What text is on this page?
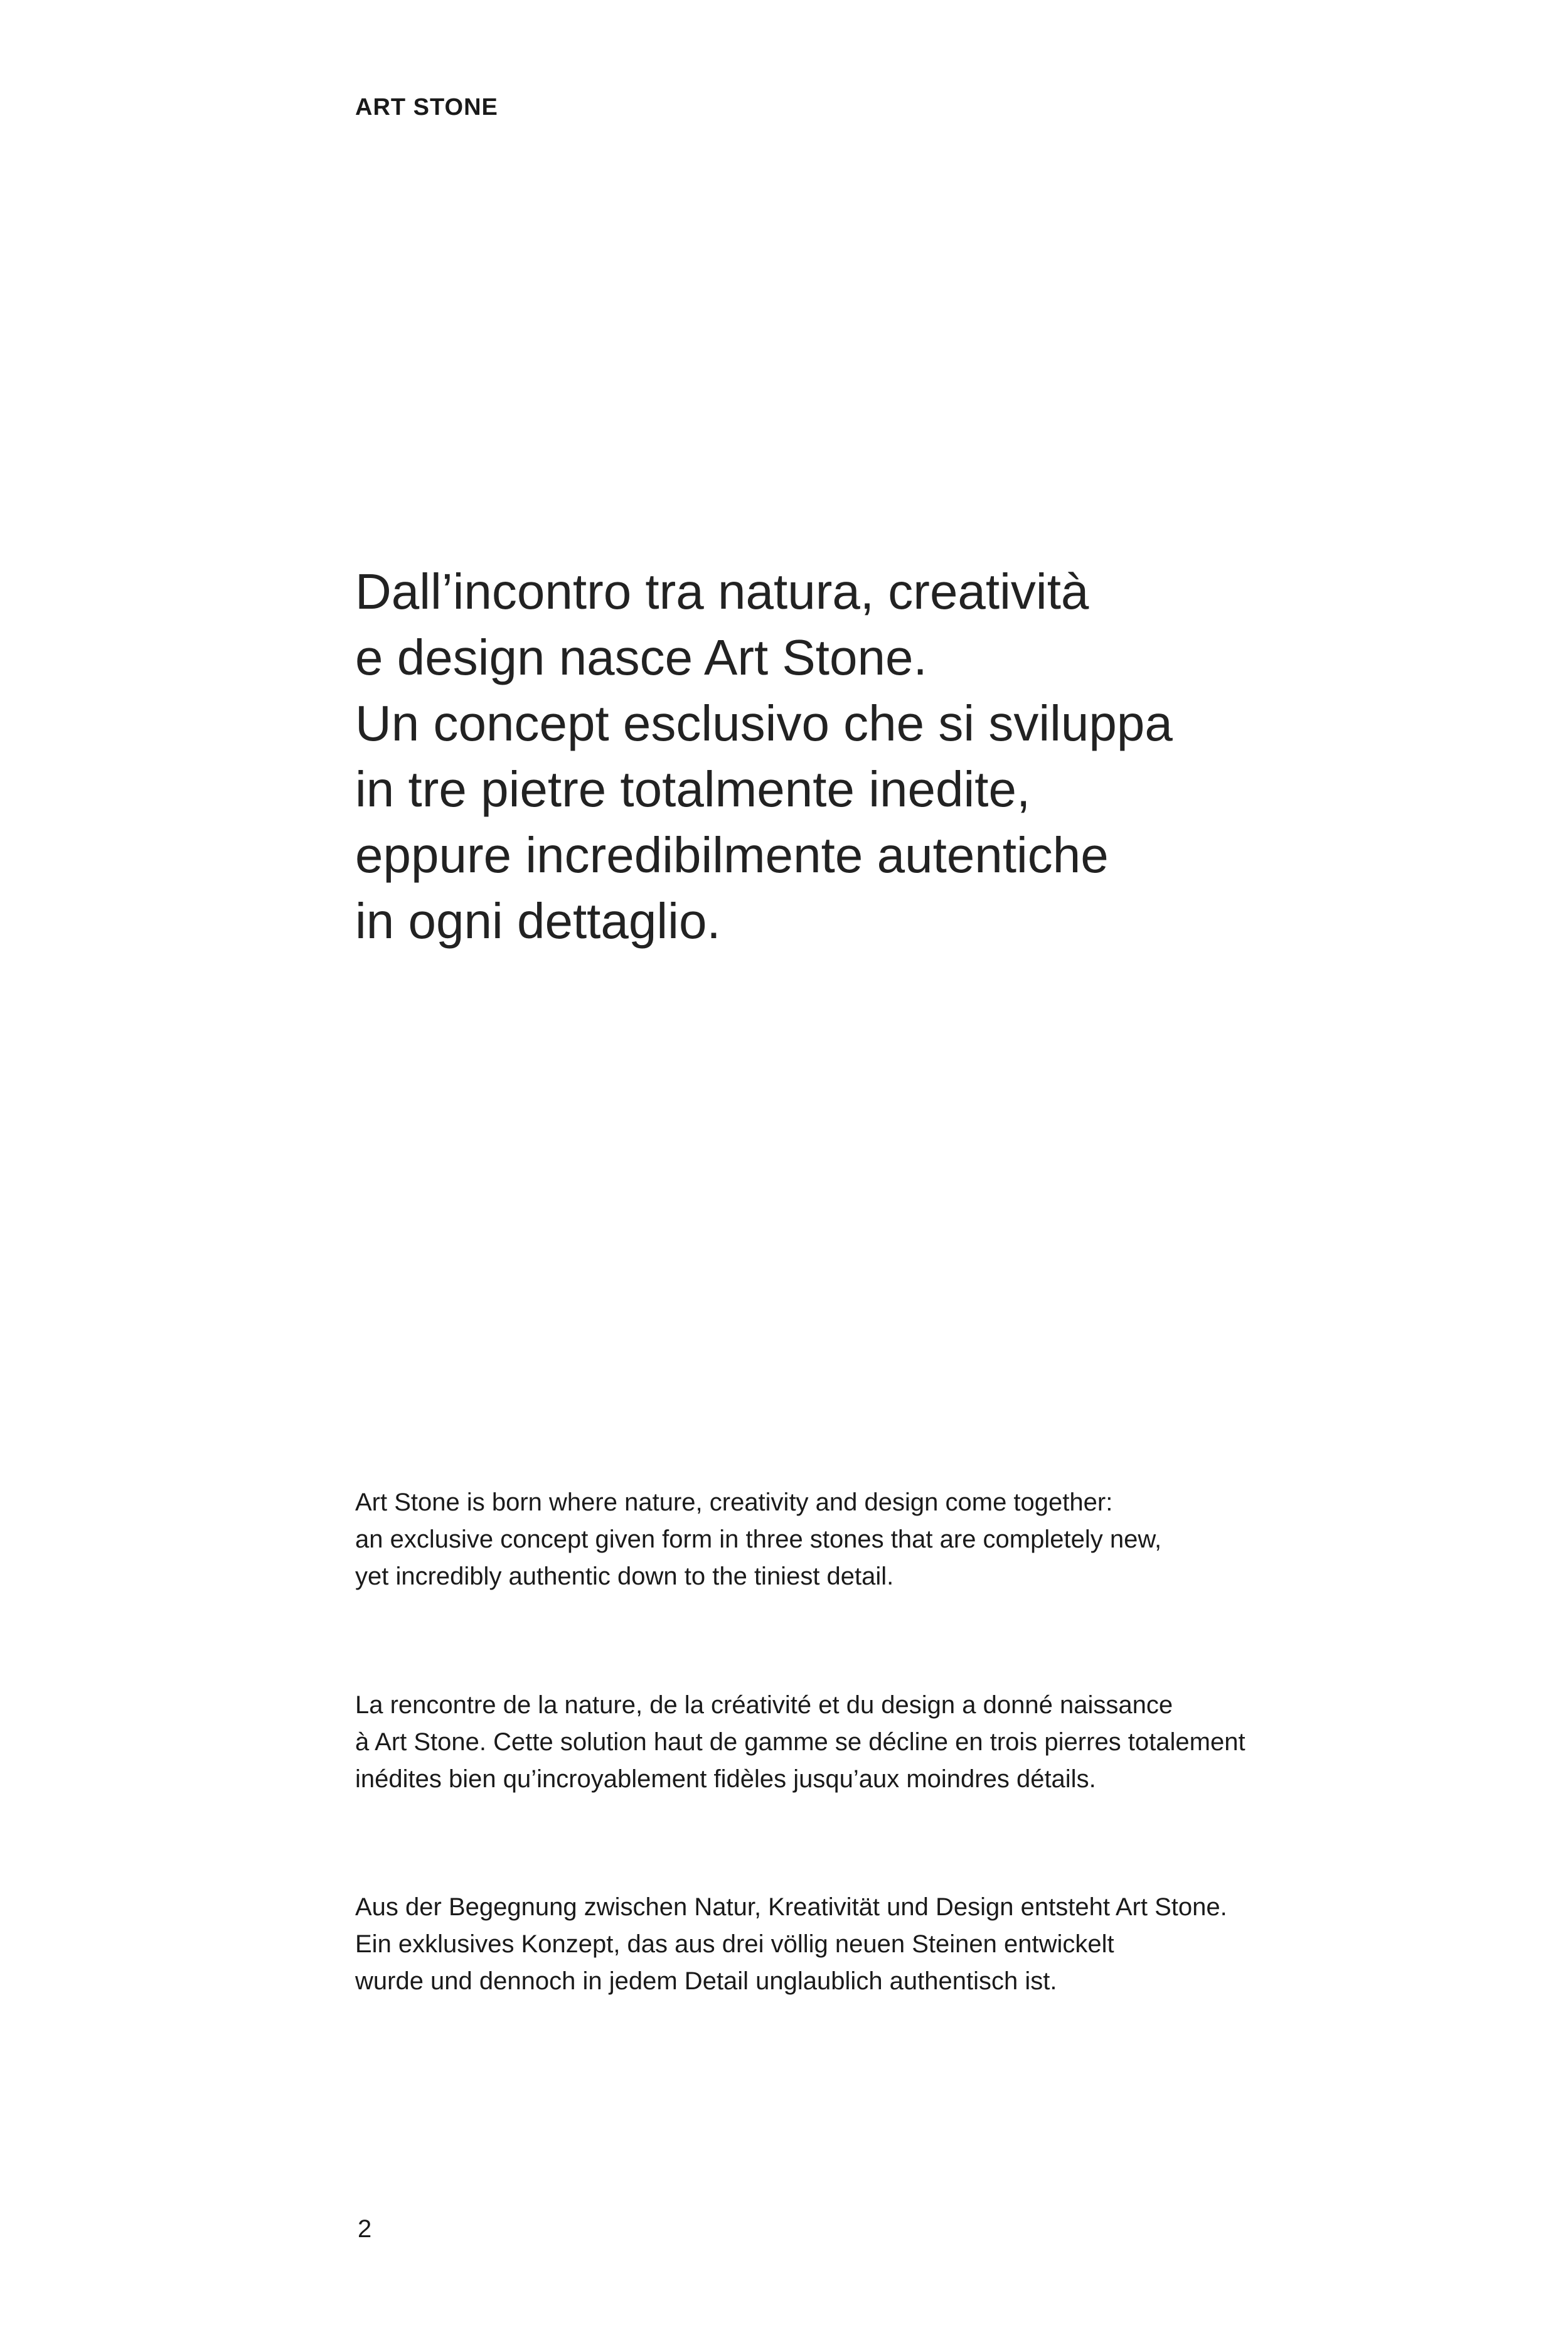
ART STONE

Dall’incontro tra natura, creatività
e design nasce Art Stone.
Un concept esclusivo che si sviluppa
in tre pietre totalmente inedite,
eppure incredibilmente autentiche
in ogni dettaglio.

Art Stone is born where nature, creativity and design come together:
an exclusive concept given form in three stones that are completely new,
yet incredibly authentic down to the tiniest detail.

La rencontre de la nature, de la créativité et du design a donné naissance
à Art Stone. Cette solution haut de gamme se décline en trois pierres totalement
inédites bien qu’incroyablement fidèles jusqu’aux moindres détails.

Aus der Begegnung zwischen Natur, Kreativität und Design entsteht Art Stone.
Ein exklusives Konzept, das aus drei völlig neuen Steinen entwickelt
wurde und dennoch in jedem Detail unglaublich authentisch ist.

2
